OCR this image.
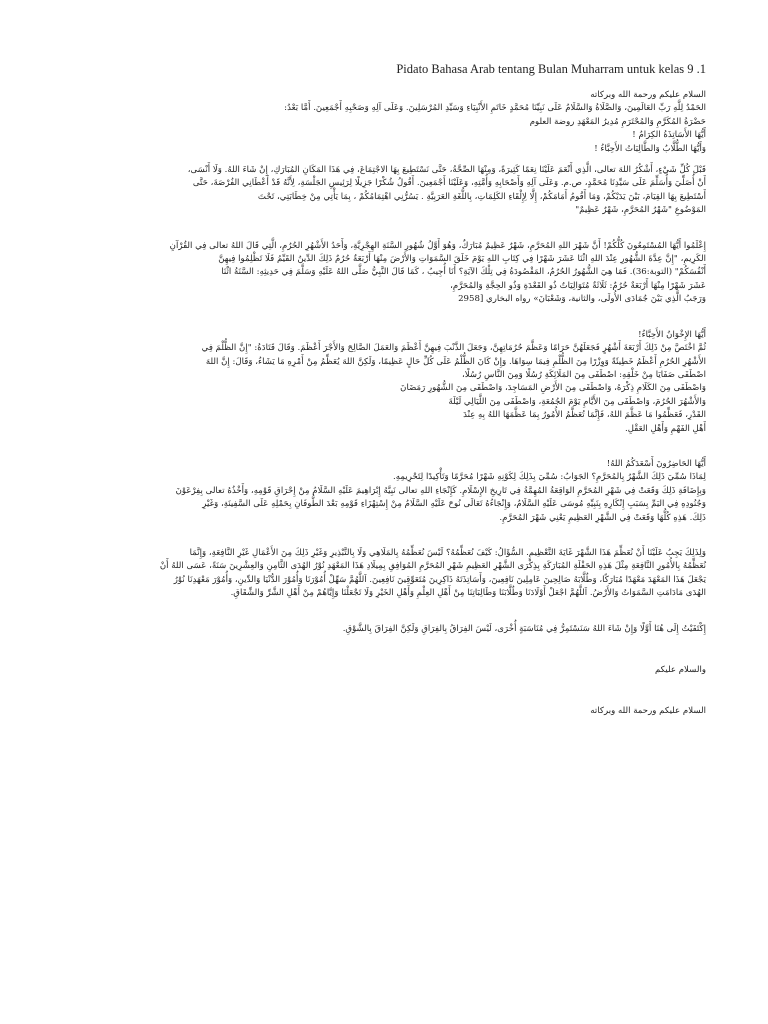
Pidato Bahasa Arab tentang Bulan Muharram untuk kelas 9 .1
السلام عليكم ورحمة الله وبركاته
الحَمْدُ لِلَّهِ رَبِّ العَالَمِينَ، وَالصَّلَاةُ وَالسَّلَامُ عَلَى نَبِيِّنَا مُحَمَّدٍ خَاتَمِ الأَنْبِيَاءِ وَسَيِّدِ المُرْسَلِينَ. وَعَلَى آلِهِ وَصَحْبِهِ أَجْمَعِينَ. أَمَّا بَعْدُ:
حَضْرَةُ المُكَرَّمِ وَالمُحْتَرَمِ مُدِيرُ المَعْهَدِ روضة العلوم
أَيُّهَا الأَسَاتِذَةُ الكِرَامُ !
وَأَيُّهَا الطُّلَّابُ وَالطَّالِبَاتُ الأَحِبَّاءُ !
قَبْلَ كُلِّ شَيْءٍ، أَشْكُرُ اللهَ تعالى، الَّذِي أَنْعَمَ عَلَيْنَا نِعَمًا كَثِيرَةً، وَمِنْهَا الصِّحَّةُ، حَتَّى نَسْتَطِيعَ بِهَا الاجْتِمَاعَ، فِي هَذَا المَكَانِ المُبَارَكِ، إِنْ شَاءَ اللهُ. وَلَا أَنْسَى،
أَنْ أُصَلِّيَ وَأُسَلِّمَ عَلَى سَيِّدِنَا مُحَمَّدٍ، ص.م. وَعَلَى آلِهِ وَأَصْحَابِهِ وَأُمَّتِهِ، وَعَلَيْنَا أَجْمَعِينَ. أَقُولُ شُكْرًا جَزِيلًا لِرَئِيسِ الجَلْسَةِ، لِأَنَّهُ قَدْ أَعْطَانِي الفُرْصَةَ، حَتَّى
أَسْتَطِيعَ بِهَا القِيَامَ، بَيْنَ يَدَيْكُمْ، وَمَا أَقُومُ أَمَامَكُمْ، إِلَّا لِإِلْقَاءِ الكَلِمَاتِ، بِاللُّغَةِ العَرَبِيَّةِ . يَسُرُّنِي اهْتِمَامُكُمْ ، بِمَا يَأْتِي مِنْ خِطَابَتِي، تَحْتَ
المَوْضُوعِ "شَهْرُ المُحَرَّمِ، شَهْرٌ عَظِيمٌ"
إِعْلَمُوا أَيُّهَا المُسْتَمِعُونَ كُلُّكُمْ! أَنَّ شَهْرَ اللهِ المُحَرَّمِ، شَهْرٌ عَظِيمٌ مُبَارَكٌ، وَهُوَ أَوَّلُ شُهُورِ السَّنَةِ الهِجْرِيَّةِ، وَأَحَدُ الأَشْهُرِ الحُرُمِ، الَّتِي قَالَ اللهُ تعالى فِي القُرْآنِ
الكَرِيمِ، "إِنَّ عِدَّةَ الشُّهُورِ عِنْدَ اللهِ اثْنَا عَشَرَ شَهْرًا فِي كِتَابِ اللهِ يَوْمَ خَلَقَ السَّمَوَاتِ وَالأَرْضَ مِنْهَا أَرْبَعَةٌ حُرُمٌ ذَلِكَ الدِّينُ القَيِّمُ فَلَا تَظْلِمُوا فِيهِنَّ
أَنْفُسَكُمْ" (التوبة:36). فَمَا هِيَ الشُّهُورُ الحُرُمُ، المَقْصُودَةُ فِي تِلْكَ الآيَةِ؟ أَنَا أُجِيبُ ، كَمَا قَالَ النَّبِيُّ صَلَّى اللهُ عَلَيْهِ وَسَلَّمَ فِي حَدِيثِهِ: السَّنَةُ اثْنَا
عَشَرَ شَهْرًا مِنْهَا أَرْبَعَةٌ حُرُمٌ: ثَلَاثَةٌ مُتَوَالِيَاتٌ ذُو القَعْدَةِ وَذُو الحِجَّةِ وَالمُحَرَّمِ،
وَرَجَبُ الَّذِي بَيْنَ جُمَادَى الأُولَى، والثانية، وَشَعْبَانَ» رواه البخاري [2958
أَيُّهَا الإِخْوَانُ الأَحِبَّاءُ!
ثُمَّ اخْتَصَّ مِنْ ذَلِكَ أَرْبَعَةَ أَشْهُرٍ فَجَعَلَهُنَّ حَرَامًا وَعَظَّمَ حُرُمَاتِهِنَّ، وَجَعَلَ الذَّنْبَ فِيهِنَّ أَعْظَمَ وَالعَمَلَ الصَّالِحَ وَالأَجْرَ أَعْظَمَ. وَقَالَ قَتَادَةُ: "إِنَّ الظُّلْمَ فِي
الأَشْهُرِ الحُرُمِ أَعْظَمُ خَطِيئَةً وَوِزْرًا مِنَ الظُّلْمِ فِيمَا سِوَاهَا. وَإِنْ كَانَ الظُّلْمُ عَلَى كُلِّ حَالٍ عَظِيمًا، وَلَكِنَّ اللهَ يُعَظِّمُ مِنْ أَمْرِهِ مَا يَشَاءُ، وَقَالَ: إِنَّ اللهَ
اصْطَفَى صَفَايَا مِنْ خَلْقِهِ: اصْطَفَى مِنَ المَلَائِكَةِ رُسُلًا وَمِنَ النَّاسِ رُسُلًا،
وَاصْطَفَى مِنَ الكَلَامِ ذِكْرَهُ، وَاصْطَفَى مِنَ الأَرْضِ المَسَاجِدَ، وَاصْطَفَى مِنَ الشُّهُورِ رَمَضَانَ
وَالأَشْهُرَ الحُرُمَ، وَاصْطَفَى مِنَ الأَيَّامِ يَوْمَ الجُمُعَةِ، وَاصْطَفَى مِنَ اللَّيَالِي لَيْلَةَ
القَدْرِ، فَعَظِّمُوا مَا عَظَّمَ اللهُ، فَإِنَّمَا تُعَظَّمُ الأُمُورُ بِمَا عَظَّمَهَا اللهُ بِهِ عِنْدَ
أَهْلِ الفَهْمِ وَأَهْلِ العَقْلِ.
أَيُّهَا الحَاضِرُونَ أَسْعَدَكُمُ اللهُ!
لِمَاذَا سُمِّيَ ذَلِكَ الشَّهْرُ بِالمُحَرَّمِ؟ الجَوَابُ: سُمِّيَ بِذَلِكَ لِكَوْنِهِ شَهْرًا مُحَرَّمًا وَتَأْكِيدًا لِتَحْرِيمِهِ.
وَبِإِضَافَةِ ذَلِكَ وَقَعَتْ فِي شَهْرِ المُحَرَّمِ الوَاقِعَةُ المُهِمَّةُ فِي تَارِيخِ الإِسْلَامِ. كَإِنْجَاءِ اللهِ تعالى نَبِيَّهُ إِبْرَاهِيمَ عَلَيْهِ السَّلَامُ مِنْ إِحْرَاقِ قَوْمِهِ، وَأَخْذُهُ تعالى بِفِرْعَوْنَ
وَجُنُودِهِ فِي اليَمِّ بِسَبَبِ إِنْكَارِهِ بِنَبِيِّهِ مُوسَى عَلَيْهِ السَّلَامُ، وَإِنْجَاءُهُ تَعَالَى نُوحَ عَلَيْهِ السَّلَامُ مِنْ إِسْتِهْزَاءِ قَوْمِهِ بَعْدَ الطُّوفَانِ بِحَمْلِهِ عَلَى السَّفِينَةِ، وَغَيْرِ
ذَلِكَ. هَذِهِ كُلُّهَا وَقَعَتْ فِي الشَّهْرِ العَظِيمِ يَعْنِي شَهْرَ المُحَرَّمِ.
وَلِذَلِكَ يَجِبُ عَلَيْنَا أَنْ نُعَظِّمَ هَذَا الشَّهْرَ غَايَةَ التَّعْظِيمِ. السُّؤَالُ: كَيْفَ نُعَظِّمُهُ؟ لَيْسَ نُعَظِّمُهُ بِالمَلَاهِي وَلَا بِالتَّبْذِيرِ وَغَيْرِ ذَلِكَ مِنَ الأَعْمَالِ غَيْرِ النَّافِعَةِ، وَإِنَّمَا
نُعَظِّمُهُ بِالأُمُورِ النَّافِعَةِ مِثْلَ هَذِهِ الحَفْلَةِ المُبَارَكَةِ بِذِكْرَى الشَّهْرِ العَظِيمِ شَهْرِ المُحَرَّمِ المُوَافِقِ بِمِيلَادِ هَذَا المَعْهَدِ نُوْرُ الهُدَى الثَّامِنِ وَالعِشْرِينَ سَنَةً، عَسَى اللهُ أَنْ
يَجْعَلَ هَذَا المَعْهَدَ مَعْهَدًا مُبَارَكًا، وَطُلَّابَهُ صَالِحِينَ عَامِلِينَ نَافِعِينَ، وَأَسَاتِذَتَهُ ذَاكِرِينَ مُتَعَوِّقِينَ نَافِعِينَ. اَللَّهُمَّ سَهِّلْ أُمُوْرَنَا وَأُمُوْرَ الدُّنْيَا وَالدِّينِ، وَأُمُوْرَ مَعْهَدِنَا نُوْرُ
الهُدَى مَادَامَتِ السَّمَوَاتُ وَالأَرْضُ. اَللَّهُمَّ اجْعَلْ أَوْلَادَنَا وَطُلَّابَنَا وَطَالِبَاتِنَا مِنْ أَهْلِ العِلْمِ وَأَهْلِ الخَيْرِ وَلَا تَجْعَلْنَا وَإِيَّاهُمْ مِنْ أَهْلِ الشَّرِّ وَالشِّقَاقِ.
إِكْتَفَيْتُ إِلَى هُنَا أَوَّلًا وَإِنْ شَاءَ اللهُ سَنَسْتَمِرُّ فِي مُنَاسَبَةٍ أُخْرَى، لَيْسَ الفِرَاقُ بِالفِرَاقِ وَلَكِنَّ الفِرَاقَ بِالشَّوْقِ.
والسلام عليكم
السلام عليكم ورحمة الله وبركاته
